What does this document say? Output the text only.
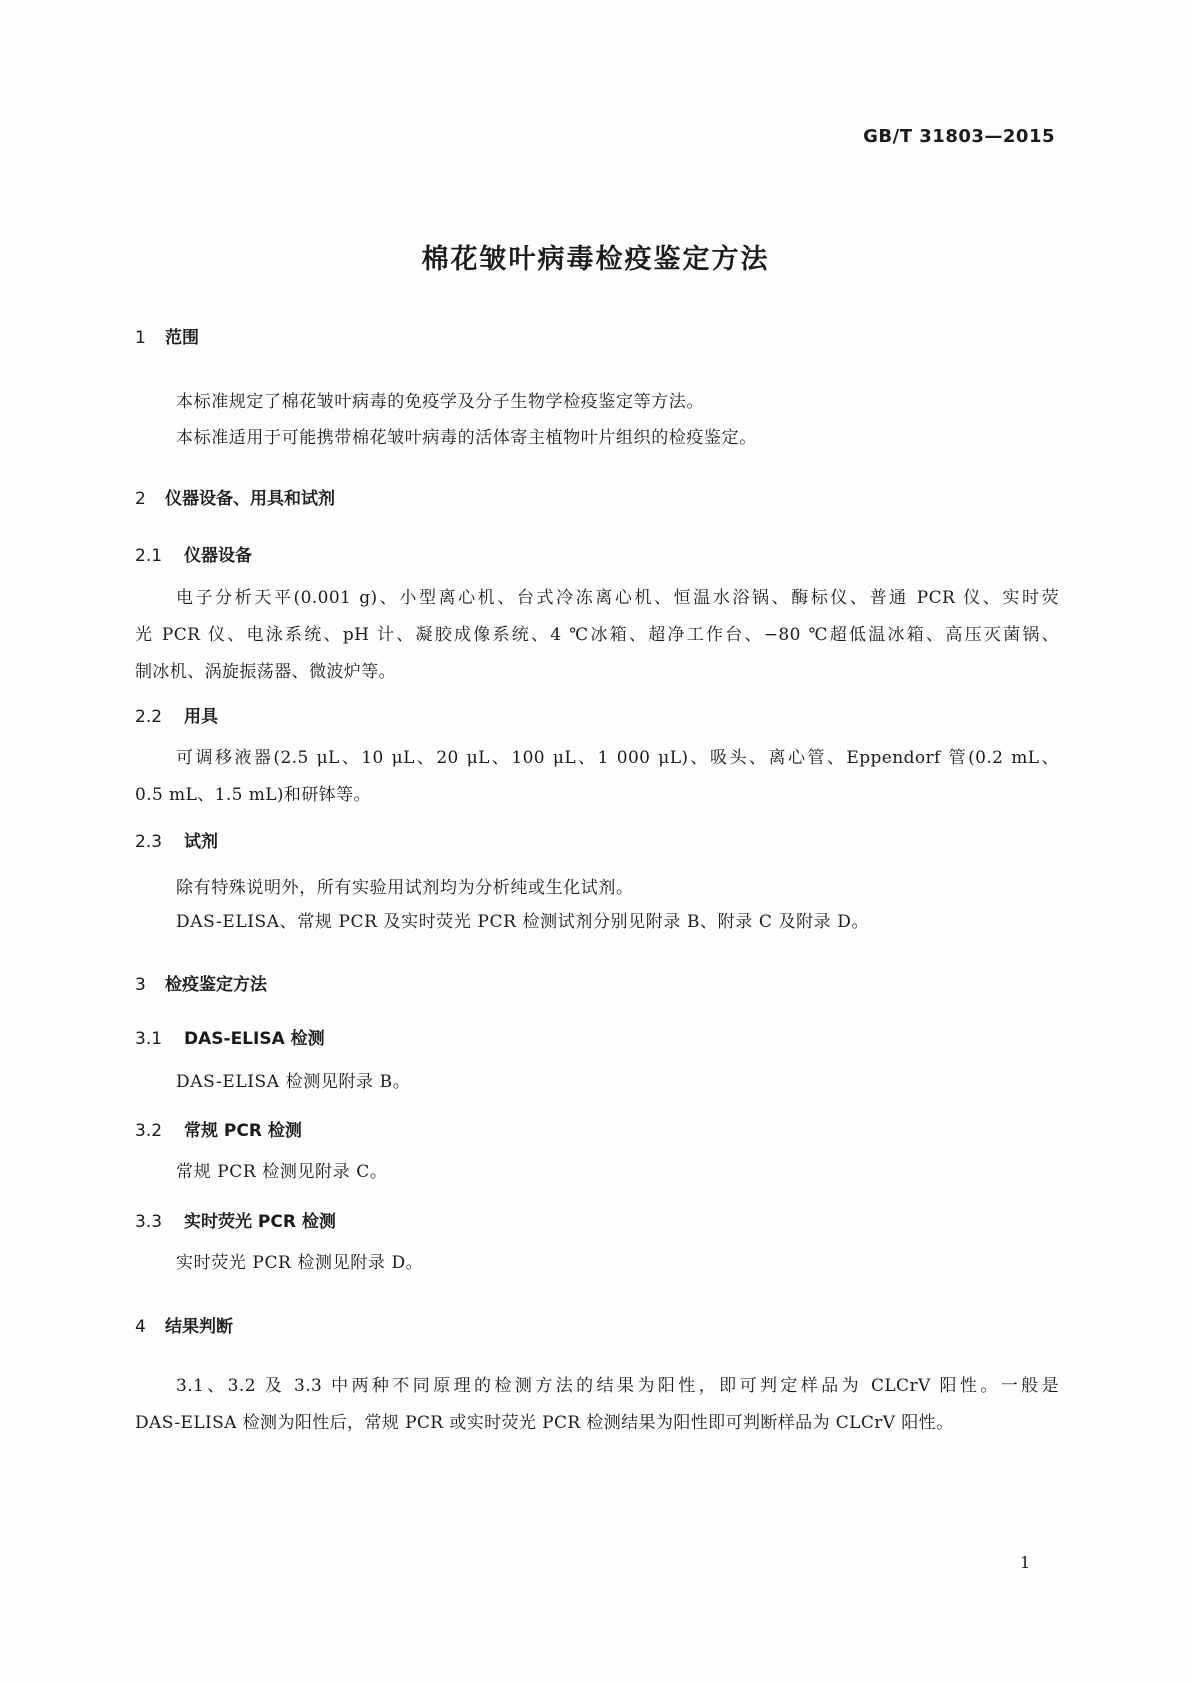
GB/T 31803—2015
棉花皱叶病毒检疫鉴定方法
1 范围
本标准规定了棉花皱叶病毒的免疫学及分子生物学检疫鉴定等方法。
本标准适用于可能携带棉花皱叶病毒的活体寄主植物叶片组织的检疫鉴定。
2 仪器设备、用具和试剂
2.1 仪器设备
电子分析天平(0.001 g)、小型离心机、台式冷冻离心机、恒温水浴锅、酶标仪、普通 PCR 仪、实时荧
光 PCR 仪、电泳系统、pH 计、凝胶成像系统、4 ℃冰箱、超净工作台、−80 ℃超低温冰箱、高压灭菌锅、
制冰机、涡旋振荡器、微波炉等。
2.2 用具
可调移液器(2.5 μL、10 μL、20 μL、100 μL、1 000 μL)、吸头、离心管、Eppendorf 管(0.2 mL、
0.5 mL、1.5 mL)和研钵等。
2.3 试剂
除有特殊说明外，所有实验用试剂均为分析纯或生化试剂。
DAS-ELISA、常规 PCR 及实时荧光 PCR 检测试剂分别见附录 B、附录 C 及附录 D。
3 检疫鉴定方法
3.1 DAS-ELISA 检测
DAS-ELISA 检测见附录 B。
3.2 常规 PCR 检测
常规 PCR 检测见附录 C。
3.3 实时荧光 PCR 检测
实时荧光 PCR 检测见附录 D。
4 结果判断
3.1、3.2 及 3.3 中两种不同原理的检测方法的结果为阳性，即可判定样品为 CLCrV 阳性。一般是
DAS-ELISA 检测为阳性后，常规 PCR 或实时荧光 PCR 检测结果为阳性即可判断样品为 CLCrV 阳性。
1
